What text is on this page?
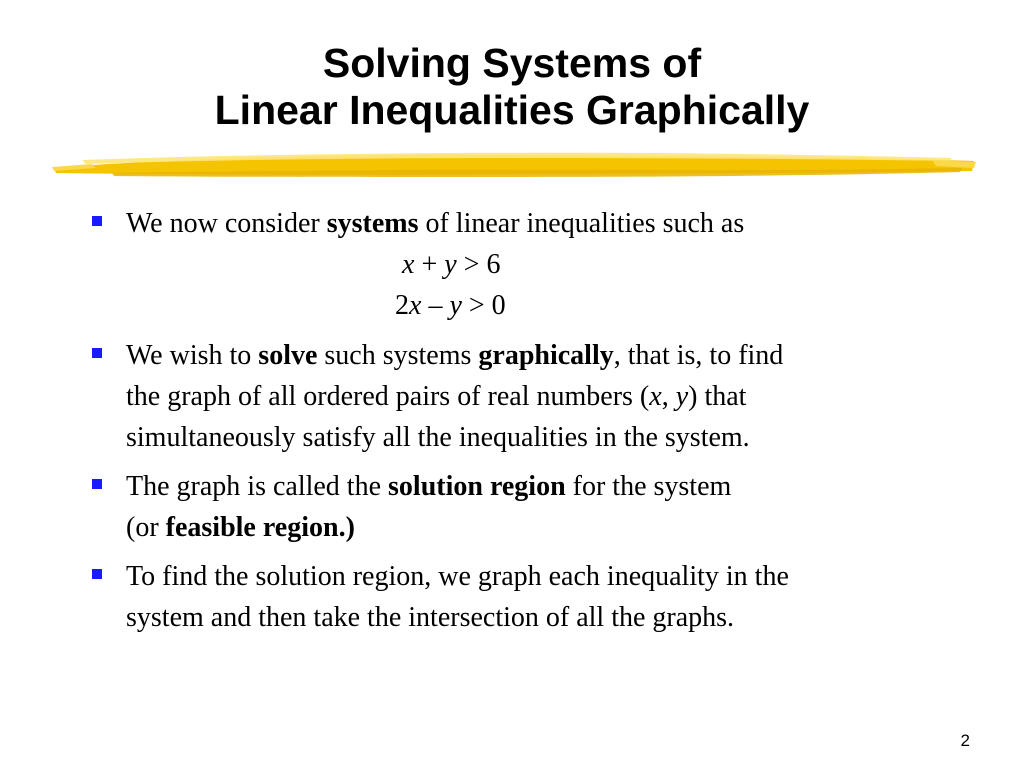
Solving Systems of
Linear Inequalities Graphically
We now consider systems of linear inequalities such as
x + y > 6
2x – y > 0
We wish to solve such systems graphically, that is, to find
the graph of all ordered pairs of real numbers (x, y) that
simultaneously satisfy all the inequalities in the system.
The graph is called the solution region for the system
(or feasible region.)
To find the solution region, we graph each inequality in the
system and then take the intersection of all the graphs.
2
